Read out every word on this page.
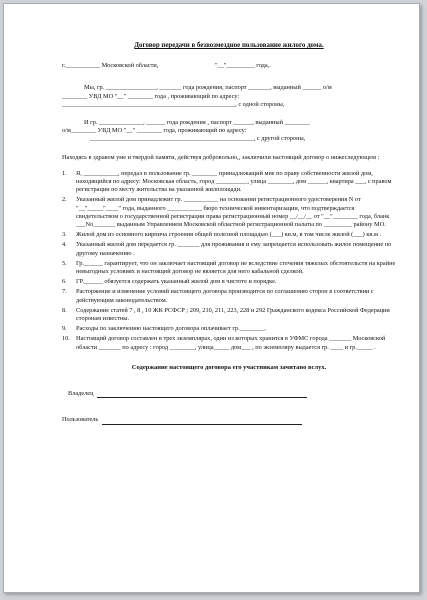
Договор передачи в безвозмездное пользование жилого дома.
г.___________ Московской области,                                    "__"_________ года,.
Мы, гр. ________________, _______ года рождения, паспорт _______, выданный ______ о/м
________ УВД МО "__" ________ года , проживающий по адресу:
_______________________________________________________, с одной стороны,
И гр. ______________, ______ года рождения , паспорт ______, выданный ________
о/м________ УВД МО "__" ________ года, проживающий по адресу:
____________________________________________________, с другой стороны,
Находясь в здравом уме и твердой памяти, действуя добровольно,, заключили настоящий договор о нижеследующем :
1. Я, ___________, передал в пользование гр. ________ принадлежащий мне по праву собственности жилой дом, находящийся по адресу: Московская область, город __________, улица ________, дом ______, квартира ___, с правом регистрации по месту жительства на указанной жилплощади.
2. Указанный жилой дом принадлежит гр. ___________ на основании регистрационного удостоверения N от "__"_____"____" года, выданного ___________ бюро технической инвентаризации, что подтверждается свидетельством о государственной регистрации права регистрационный номер __/__/__ от "__"________ года, бланк ___No_______ выданным Управлением Московской областной регистрационной палаты по _________ району МО.
3. Жилой дом из основного кирпича строения общей полезной площадью (___) кв.м, в том числе жилой (___) кв.м .
4. Указанный жилой дом передается гр. _______ для проживания и ему запрещается использовать жилое помещение по другому назначению .
5. Гр.______ гарантирует, что он заключает настоящий договор не вследствие стечения тяжелых обстоятельств на крайне невыгодных условиях и настоящий договор не является для него кабальной сделкой.
6. ГР.______ обязуется содержать указанный жилой дом в чистоте и порядке.
7. Расторжение и изменение условий настоящего договора производится по соглашению сторон в соответствии с действующим законодательством.
8. Содержание статей 7 , 8 , 10 ЖК РСФСР ; 209, 210, 211, 223, 228 и 292 Гражданского кодекса Российской Федерации сторонам известны.
9. Расходы по заключению настоящего договора оплачивает гр.________.
10. Настоящий договор составлен в трех экземплярах, один из которых хранится в УФМС города _______ Московской области _______ по адресу : город ________, улица_____ дом___ , по экземпляру выдается гр. ____ и гр._____ .
Содержание настоящего договора его участникам зачитано вслух.
Владелец
Пользователь
